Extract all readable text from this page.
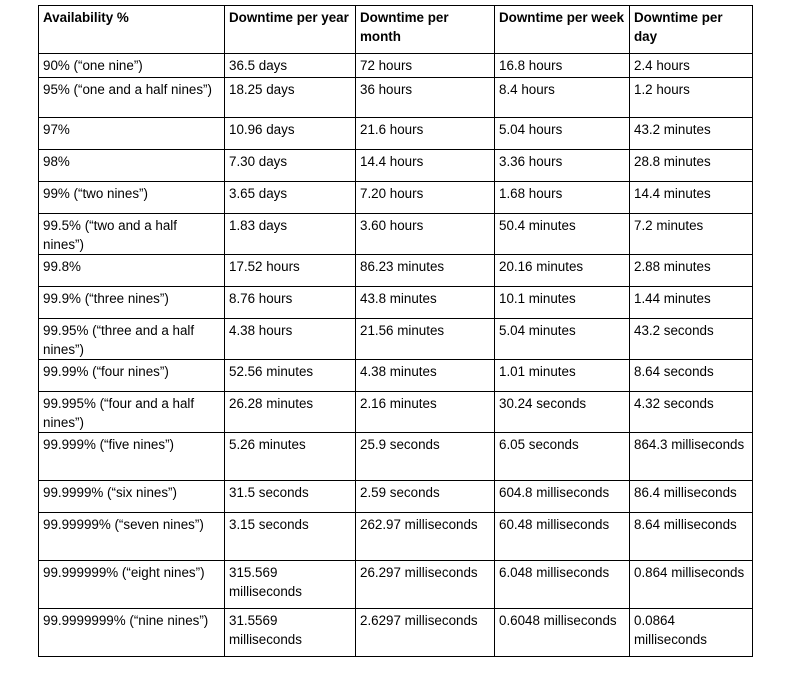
Availability %	Downtime per year	Downtime per month	Downtime per week	Downtime per day
90% (“one nine”)	36.5 days	72 hours	16.8 hours	2.4 hours
95% (“one and a half nines”)	18.25 days	36 hours	8.4 hours	1.2 hours
97%	10.96 days	21.6 hours	5.04 hours	43.2 minutes
98%	7.30 days	14.4 hours	3.36 hours	28.8 minutes
99% (“two nines”)	3.65 days	7.20 hours	1.68 hours	14.4 minutes
99.5% (“two and a half nines”)	1.83 days	3.60 hours	50.4 minutes	7.2 minutes
99.8%	17.52 hours	86.23 minutes	20.16 minutes	2.88 minutes
99.9% (“three nines”)	8.76 hours	43.8 minutes	10.1 minutes	1.44 minutes
99.95% (“three and a half nines”)	4.38 hours	21.56 minutes	5.04 minutes	43.2 seconds
99.99% (“four nines”)	52.56 minutes	4.38 minutes	1.01 minutes	8.64 seconds
99.995% (“four and a half nines”)	26.28 minutes	2.16 minutes	30.24 seconds	4.32 seconds
99.999% (“five nines”)	5.26 minutes	25.9 seconds	6.05 seconds	864.3 milliseconds
99.9999% (“six nines”)	31.5 seconds	2.59 seconds	604.8 milliseconds	86.4 milliseconds
99.99999% (“seven nines”)	3.15 seconds	262.97 milliseconds	60.48 milliseconds	8.64 milliseconds
99.999999% (“eight nines”)	315.569 milliseconds	26.297 milliseconds	6.048 milliseconds	0.864 milliseconds
99.9999999% (“nine nines”)	31.5569 milliseconds	2.6297 milliseconds	0.6048 milliseconds	0.0864 milliseconds
